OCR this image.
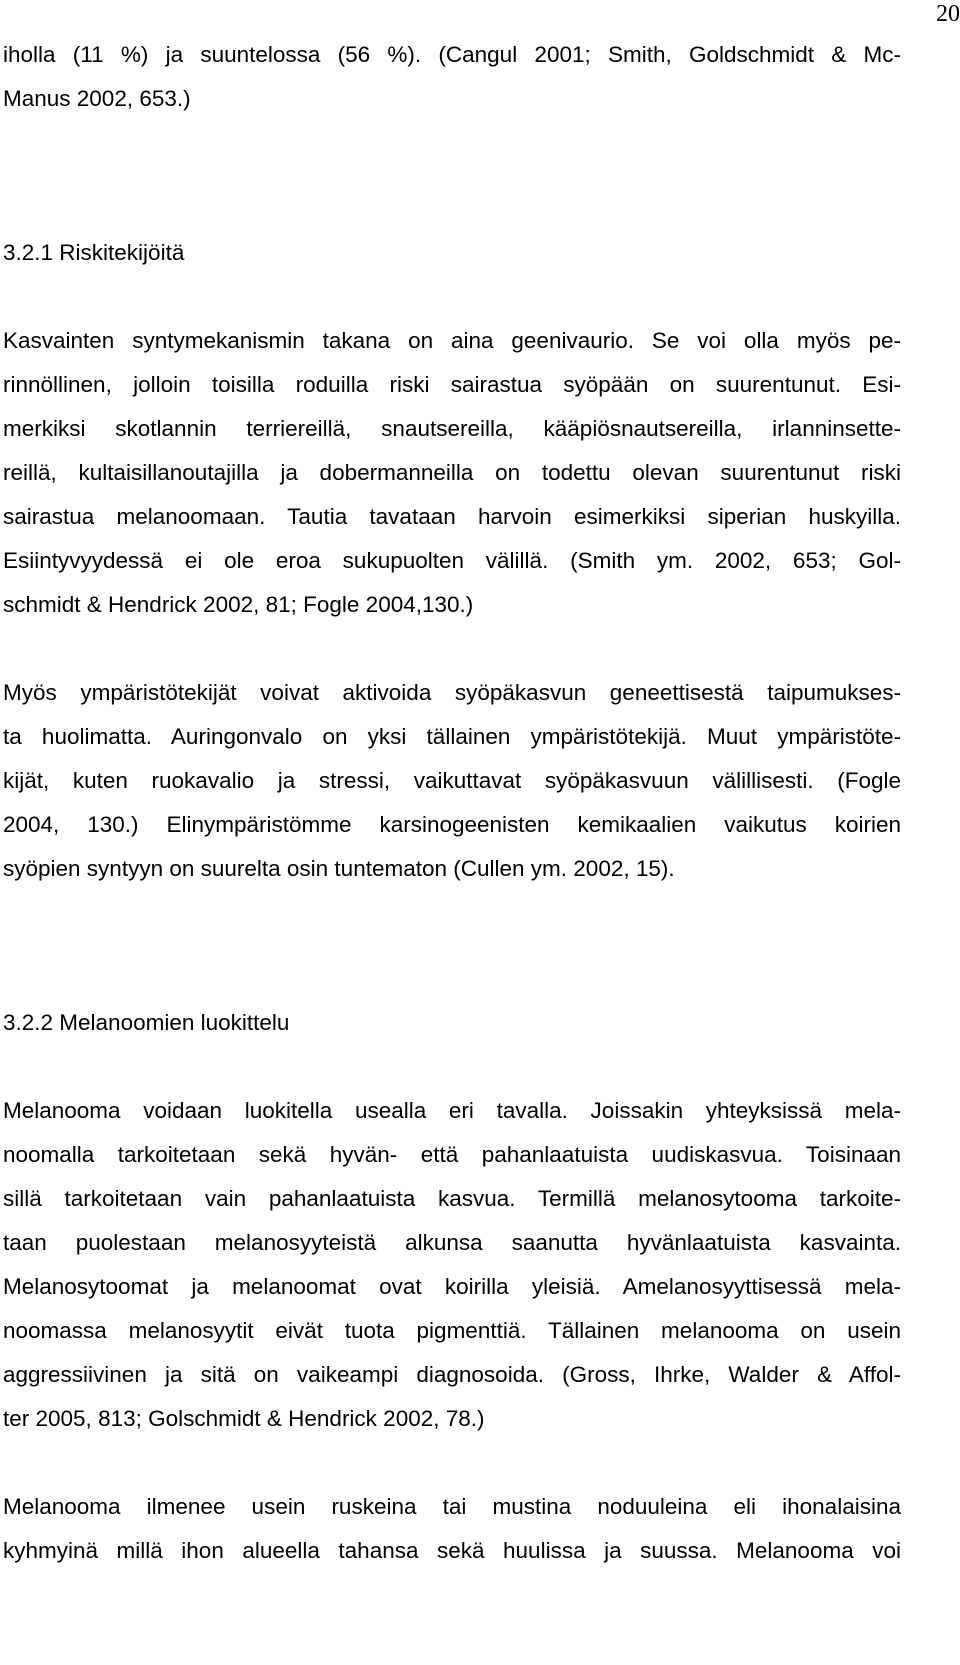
20
iholla (11 %) ja suuntelossa (56 %). (Cangul 2001; Smith, Goldschmidt & Mc-
Manus 2002, 653.)
3.2.1 Riskitekijöitä
Kasvainten syntymekanismin takana on aina geenivaurio. Se voi olla myös pe-
rinnöllinen, jolloin toisilla roduilla riski sairastua syöpään on suurentunut. Esi-
merkiksi skotlannin terriereillä, snautsereilla, kääpiösnautsereilla, irlanninsette-
reillä, kultaisillanoutajilla ja dobermanneilla on todettu olevan suurentunut riski
sairastua melanoomaan. Tautia tavataan harvoin esimerkiksi siperian huskyilla.
Esiintyvyydessä ei ole eroa sukupuolten välillä. (Smith ym. 2002, 653; Gol-
schmidt & Hendrick 2002, 81; Fogle 2004,130.)
Myös ympäristötekijät voivat aktivoida syöpäkasvun geneettisestä taipumukses-
ta huolimatta. Auringonvalo on yksi tällainen ympäristötekijä. Muut ympäristöte-
kijät, kuten ruokavalio ja stressi, vaikuttavat syöpäkasvuun välillisesti. (Fogle
2004, 130.) Elinympäristömme karsinogeenisten kemikaalien vaikutus koirien
syöpien syntyyn on suurelta osin tuntematon (Cullen ym. 2002, 15).
3.2.2 Melanoomien luokittelu
Melanooma voidaan luokitella usealla eri tavalla. Joissakin yhteyksissä mela-
noomalla tarkoitetaan sekä hyvän- että pahanlaatuista uudiskasvua. Toisinaan
sillä tarkoitetaan vain pahanlaatuista kasvua. Termillä melanosytooma tarkoite-
taan puolestaan melanosyyteistä alkunsa saanutta hyvänlaatuista kasvainta.
Melanosytoomat ja melanoomat ovat koirilla yleisiä. Amelanosyyttisessä mela-
noomassa melanosyytit eivät tuota pigmenttiä. Tällainen melanooma on usein
aggressiivinen ja sitä on vaikeampi diagnosoida. (Gross, Ihrke, Walder & Affol-
ter 2005, 813; Golschmidt & Hendrick 2002, 78.)
Melanooma ilmenee usein ruskeina tai mustina noduuleina eli ihonalaisina
kyhmyinä millä ihon alueella tahansa sekä huulissa ja suussa. Melanooma voi
